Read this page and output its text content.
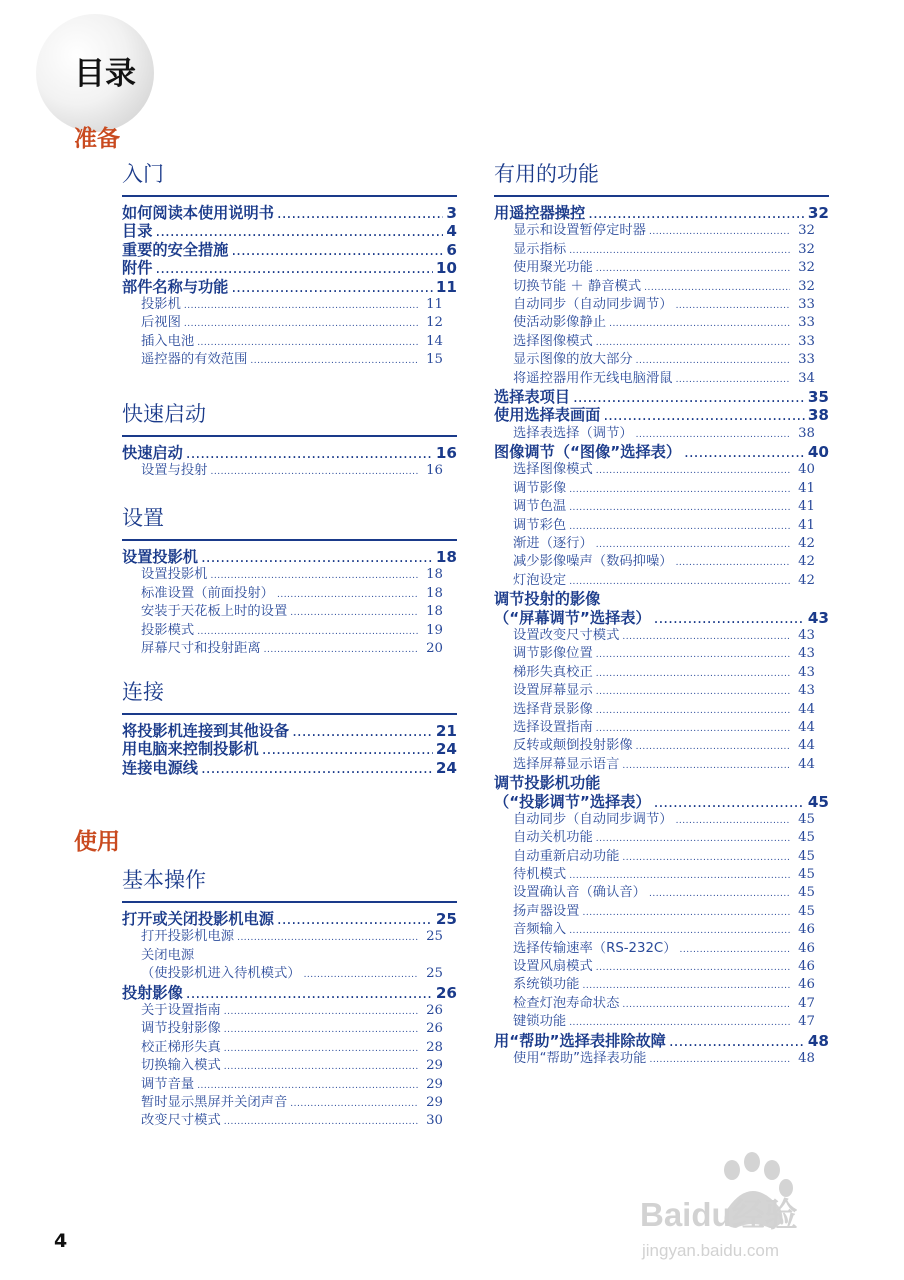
目录
准备
使用
入门
如何阅读本使用说明书 .....	3
目录 .....	4
重要的安全措施 .....	6
附件 .....	10
部件名称与功能 .....	11
投影机 .....	11
后视图 .....	12
插入电池 .....	14
遥控器的有效范围 .....	15
快速启动
快速启动 .....	16
设置与投射 .....	16
设置
设置投影机 .....	18
设置投影机 .....	18
标准设置（前面投射） .....	18
安装于天花板上时的设置 .....	18
投影模式 .....	19
屏幕尺寸和投射距离 .....	20
连接
将投影机连接到其他设备 .....	21
用电脑来控制投影机 .....	24
连接电源线 .....	24
基本操作
打开或关闭投影机电源 .....	25
打开投影机电源 .....	25
关闭电源
（使投影机进入待机模式） .....	25
投射影像 .....	26
关于设置指南 .....	26
调节投射影像 .....	26
校正梯形失真 .....	28
切换输入模式 .....	29
调节音量 .....	29
暂时显示黑屏并关闭声音 .....	29
改变尺寸模式 .....	30
有用的功能
用遥控器操控 .....	32
显示和设置暂停定时器 .....	32
显示指标 .....	32
使用聚光功能 .....	32
切换节能 ＋ 静音模式 .....	32
自动同步（自动同步调节） .....	33
使活动影像静止 .....	33
选择图像模式 .....	33
显示图像的放大部分 .....	33
将遥控器用作无线电脑滑鼠 .....	34
选择表项目 .....	35
使用选择表画面 .....	38
选择表选择（调节） .....	38
图像调节（“图像”选择表） .....	40
选择图像模式 .....	40
调节影像 .....	41
调节色温 .....	41
调节彩色 .....	41
渐进（逐行） .....	42
减少影像噪声（数码抑噪） .....	42
灯泡设定 .....	42
调节投射的影像
（“屏幕调节”选择表） .....	43
设置改变尺寸模式 .....	43
调节影像位置 .....	43
梯形失真校正 .....	43
设置屏幕显示 .....	43
选择背景影像 .....	44
选择设置指南 .....	44
反转或颠倒投射影像 .....	44
选择屏幕显示语言 .....	44
调节投影机功能
（“投影调节”选择表） .....	45
自动同步（自动同步调节） .....	45
自动关机功能 .....	45
自动重新启动功能 .....	45
待机模式 .....	45
设置确认音（确认音） .....	45
扬声器设置 .....	45
音频输入 .....	46
选择传输速率（RS-232C） .....	46
设置风扇模式 .....	46
系统锁功能 .....	46
检查灯泡寿命状态 .....	47
键锁功能 .....	47
用“帮助”选择表排除故障 .....	48
使用“帮助”选择表功能 .....	48
4
Baidu经验
jingyan.baidu.com
